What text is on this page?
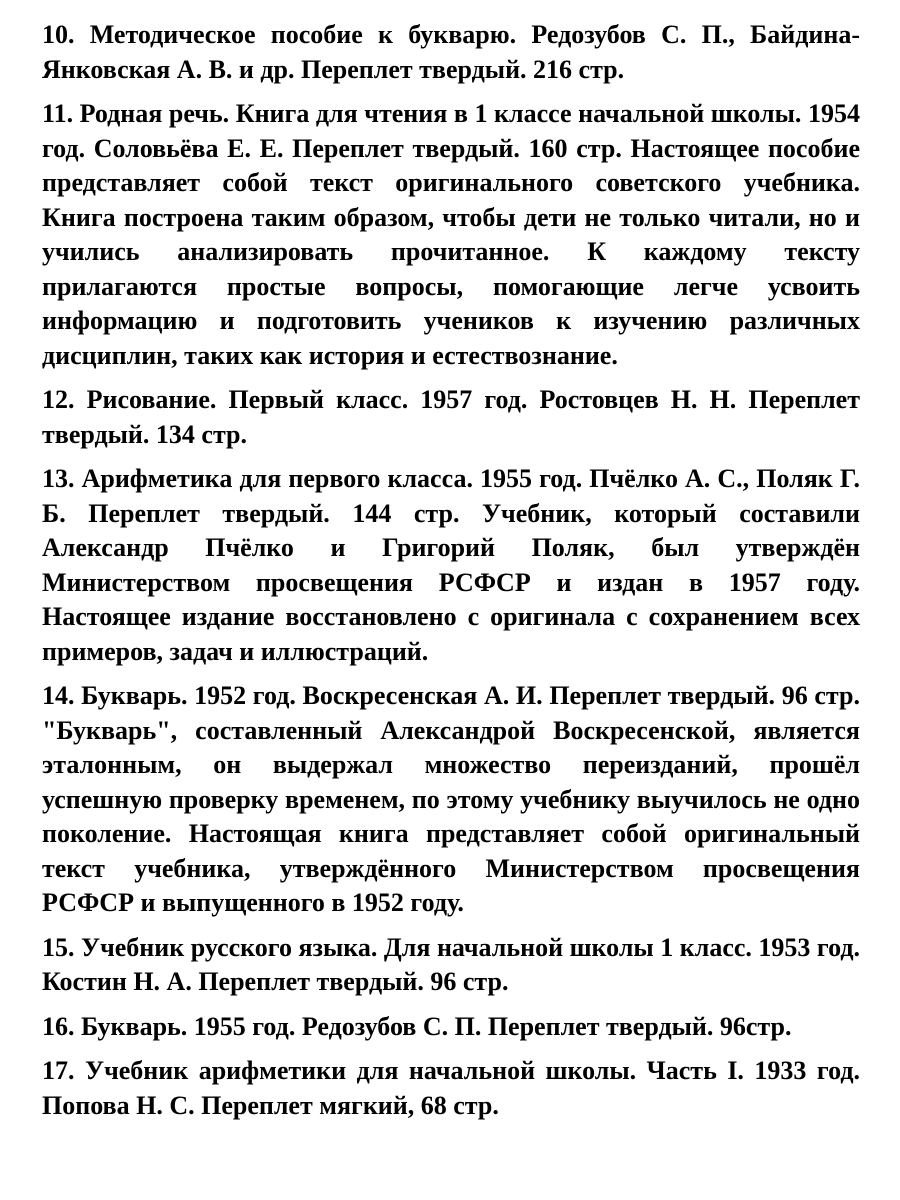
10. Методическое пособие к букварю. Редозубов С. П., Байдина-Янковская А. В. и др. Переплет твердый. 216 стр.

11. Родная речь. Книга для чтения в 1 классе начальной школы. 1954 год. Соловьёва Е. Е. Переплет твердый. 160 стр. Настоящее пособие представляет собой текст оригинального советского учебника. Книга построена таким образом, чтобы дети не только читали, но и учились анализировать прочитанное. К каждому тексту прилагаются простые вопросы, помогающие легче усвоить информацию и подготовить учеников к изучению различных дисциплин, таких как история и естествознание.

12. Рисование. Первый класс. 1957 год. Ростовцев Н. Н. Переплет твердый. 134 стр.

13. Арифметика для первого класса. 1955 год. Пчёлко А. С., Поляк Г. Б. Переплет твердый. 144 стр. Учебник, который составили Александр Пчёлко и Григорий Поляк, был утверждён Министерством просвещения РСФСР и издан в 1957 году. Настоящее издание восстановлено с оригинала с сохранением всех примеров, задач и иллюстраций.

14. Букварь. 1952 год. Воскресенская А. И. Переплет твердый. 96 стр. "Букварь", составленный Александрой Воскресенской, является эталонным, он выдержал множество переизданий, прошёл успешную проверку временем, по этому учебнику выучилось не одно поколение. Настоящая книга представляет собой оригинальный текст учебника, утверждённого Министерством просвещения РСФСР и выпущенного в 1952 году.

15. Учебник русского языка. Для начальной школы 1 класс. 1953 год. Костин Н. А. Переплет твердый. 96 стр.

16. Букварь. 1955 год. Редозубов С. П. Переплет твердый. 96стр.

17. Учебник арифметики для начальной школы. Часть I. 1933 год. Попова Н. С. Переплет мягкий, 68 стр.
